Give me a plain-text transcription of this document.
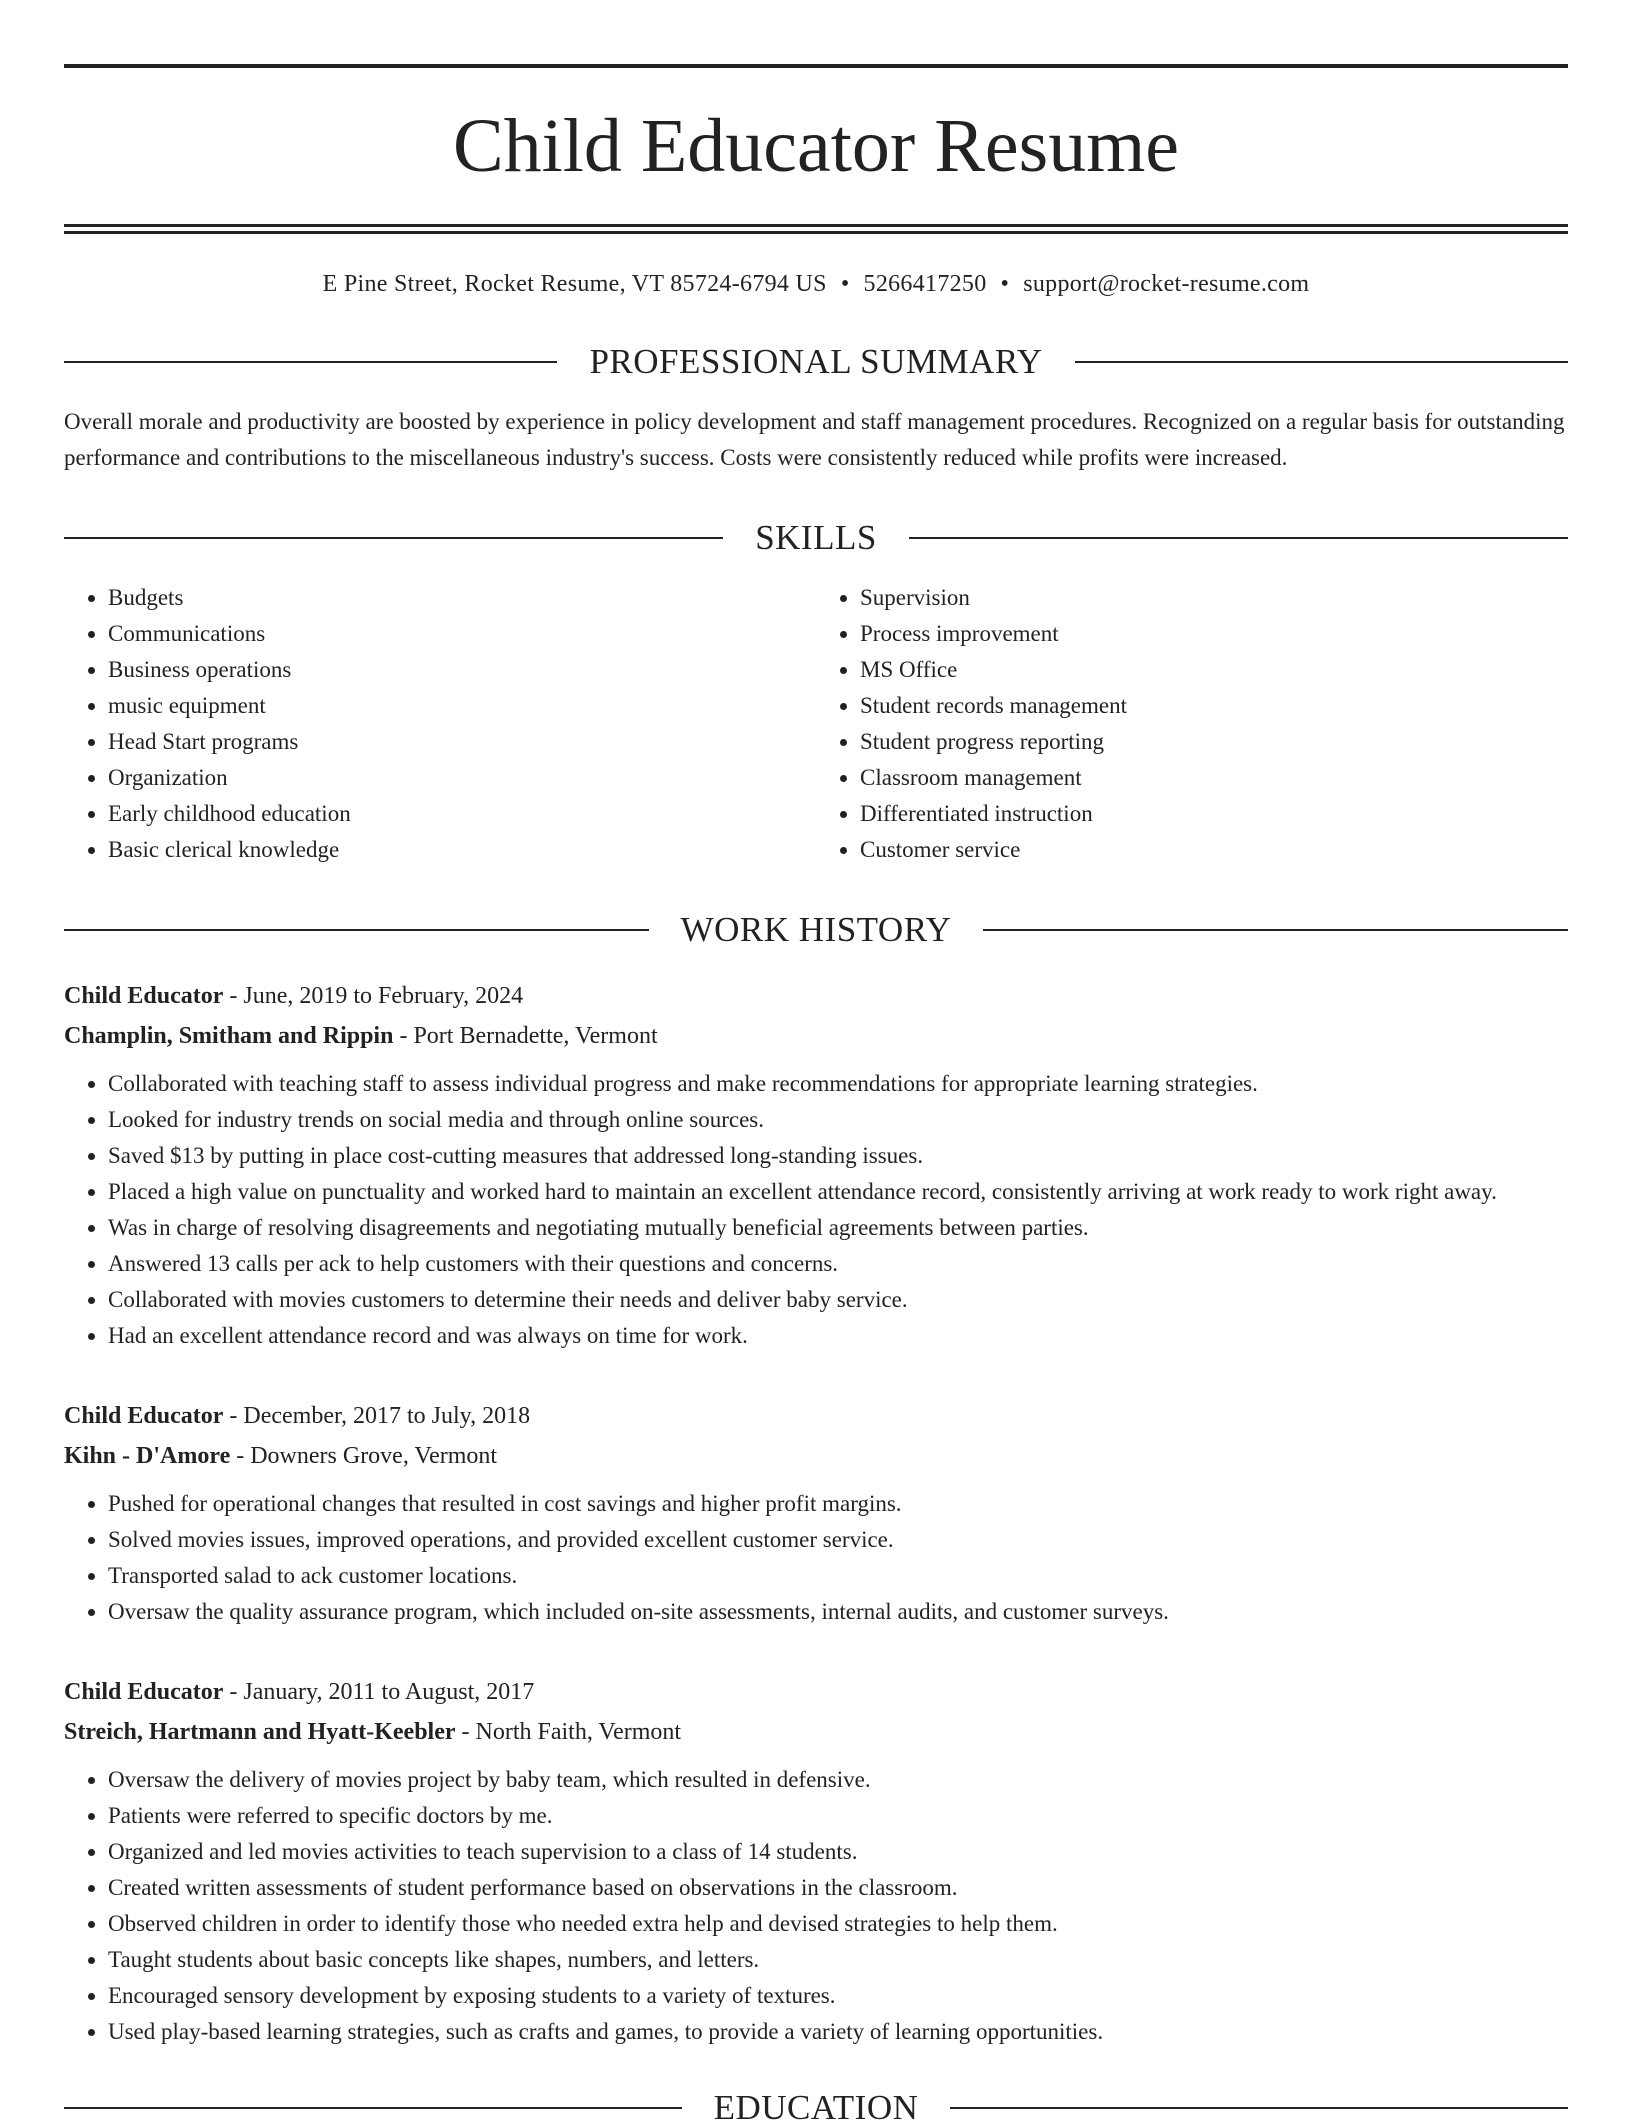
Child Educator Resume
E Pine Street, Rocket Resume, VT 85724-6794 US • 5266417250 • support@rocket-resume.com
PROFESSIONAL SUMMARY
Overall morale and productivity are boosted by experience in policy development and staff management procedures. Recognized on a regular basis for outstanding performance and contributions to the miscellaneous industry's success. Costs were consistently reduced while profits were increased.
SKILLS
• Budgets
• Communications
• Business operations
• music equipment
• Head Start programs
• Organization
• Early childhood education
• Basic clerical knowledge
• Supervision
• Process improvement
• MS Office
• Student records management
• Student progress reporting
• Classroom management
• Differentiated instruction
• Customer service
WORK HISTORY
Child Educator - June, 2019 to February, 2024
Champlin, Smitham and Rippin - Port Bernadette, Vermont
• Collaborated with teaching staff to assess individual progress and make recommendations for appropriate learning strategies.
• Looked for industry trends on social media and through online sources.
• Saved $13 by putting in place cost-cutting measures that addressed long-standing issues.
• Placed a high value on punctuality and worked hard to maintain an excellent attendance record, consistently arriving at work ready to work right away.
• Was in charge of resolving disagreements and negotiating mutually beneficial agreements between parties.
• Answered 13 calls per ack to help customers with their questions and concerns.
• Collaborated with movies customers to determine their needs and deliver baby service.
• Had an excellent attendance record and was always on time for work.
Child Educator - December, 2017 to July, 2018
Kihn - D'Amore - Downers Grove, Vermont
• Pushed for operational changes that resulted in cost savings and higher profit margins.
• Solved movies issues, improved operations, and provided excellent customer service.
• Transported salad to ack customer locations.
• Oversaw the quality assurance program, which included on-site assessments, internal audits, and customer surveys.
Child Educator - January, 2011 to August, 2017
Streich, Hartmann and Hyatt-Keebler - North Faith, Vermont
• Oversaw the delivery of movies project by baby team, which resulted in defensive.
• Patients were referred to specific doctors by me.
• Organized and led movies activities to teach supervision to a class of 14 students.
• Created written assessments of student performance based on observations in the classroom.
• Observed children in order to identify those who needed extra help and devised strategies to help them.
• Taught students about basic concepts like shapes, numbers, and letters.
• Encouraged sensory development by exposing students to a variety of textures.
• Used play-based learning strategies, such as crafts and games, to provide a variety of learning opportunities.
EDUCATION
